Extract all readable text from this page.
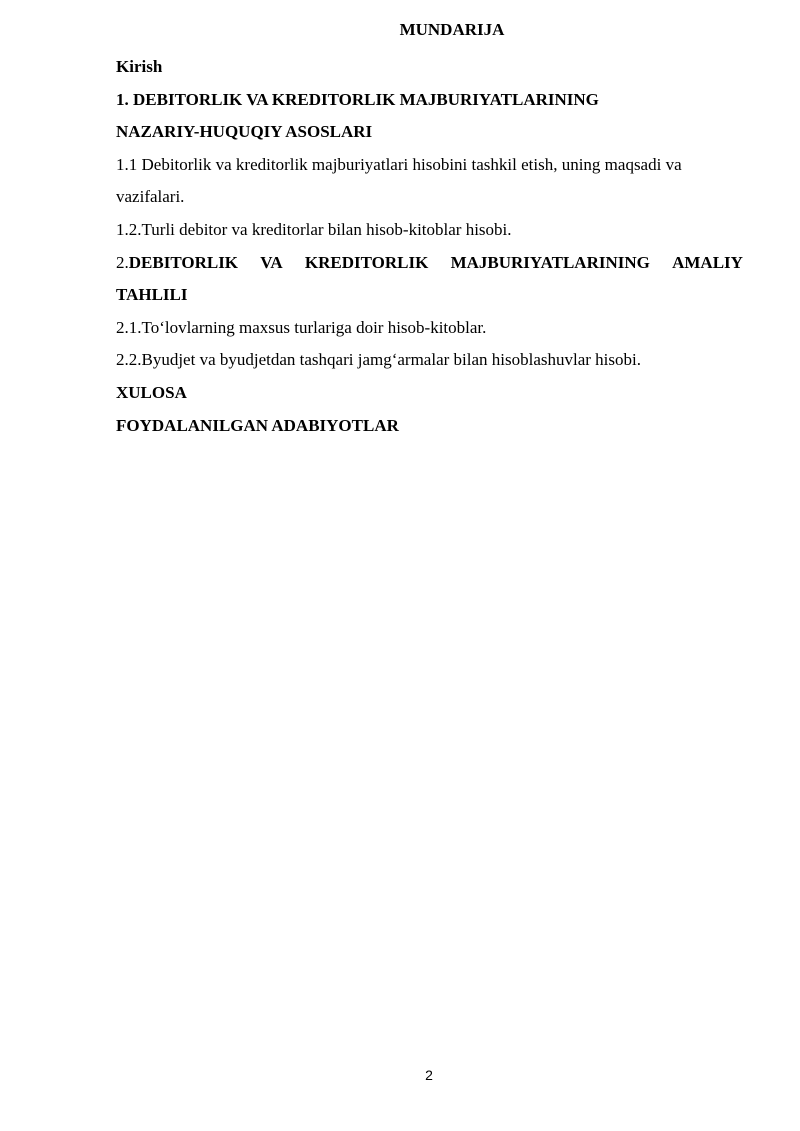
MUNDARIJA
Kirish
1. DEBITORLIK VA KREDITORLIK MAJBURIYATLARINING
NAZARIY-HUQUQIY ASOSLARI
1.1 Debitorlik va kreditorlik majburiyatlari hisobini tashkil etish, uning maqsadi va
vazifalari.
1.2.Turli debitor va kreditorlar bilan hisob-kitoblar hisobi.
2.DEBITORLIK VA KREDITORLIK MAJBURIYATLARINING AMALIY
TAHLILI
2.1.To‘lovlarning maxsus turlariga doir hisob-kitoblar.
2.2.Byudjet va byudjetdan tashqari jamg‘armalar bilan hisoblashuvlar hisobi.
XULOSA
FOYDALANILGAN ADABIYOTLAR
2
